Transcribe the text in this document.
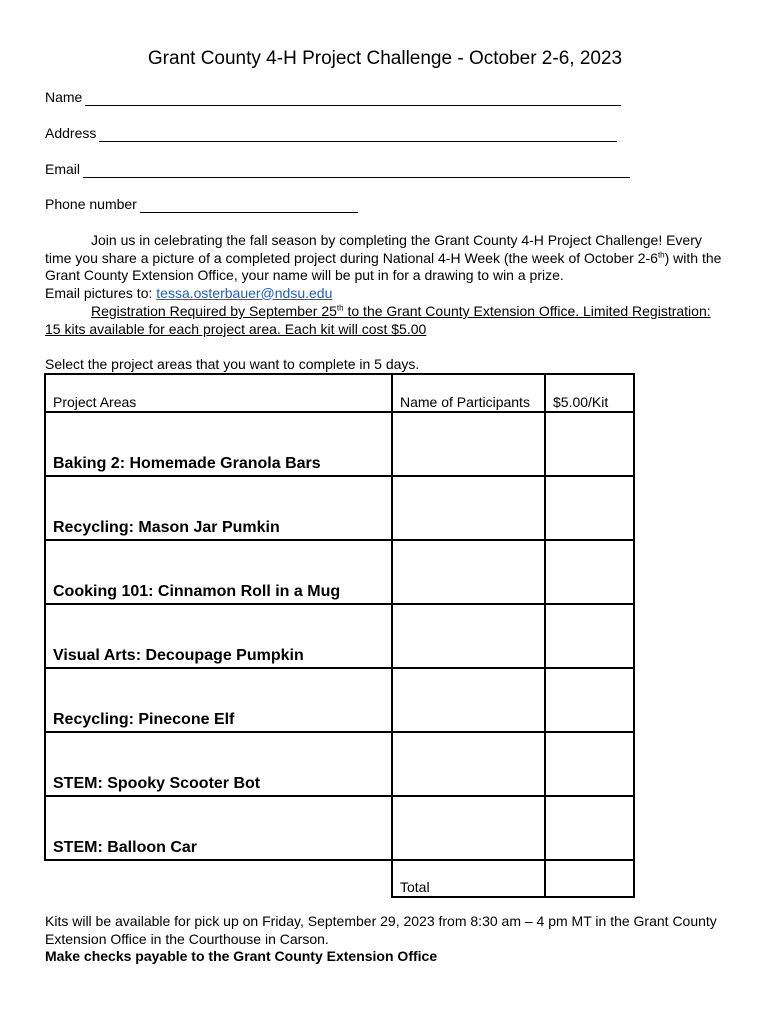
Grant County 4-H Project Challenge - October 2-6, 2023
Name
Address
Email
Phone number
Join us in celebrating the fall season by completing the Grant County 4-H Project Challenge! Every time you share a picture of a completed project during National 4-H Week (the week of October 2-6th) with the Grant County Extension Office, your name will be put in for a drawing to win a prize.
Email pictures to: tessa.osterbauer@ndsu.edu
Registration Required by September 25th to the Grant County Extension Office. Limited Registration: 15 kits available for each project area. Each kit will cost $5.00
Select the project areas that you want to complete in 5 days.
Project Areas	Name of Participants	$5.00/Kit
Baking 2: Homemade Granola Bars		
Recycling: Mason Jar Pumkin		
Cooking 101: Cinnamon Roll in a Mug		
Visual Arts: Decoupage Pumpkin		
Recycling: Pinecone Elf		
STEM: Spooky Scooter Bot		
STEM: Balloon Car		
	Total	
Kits will be available for pick up on Friday, September 29, 2023 from 8:30 am – 4 pm MT in the Grant County Extension Office in the Courthouse in Carson.
Make checks payable to the Grant County Extension Office
